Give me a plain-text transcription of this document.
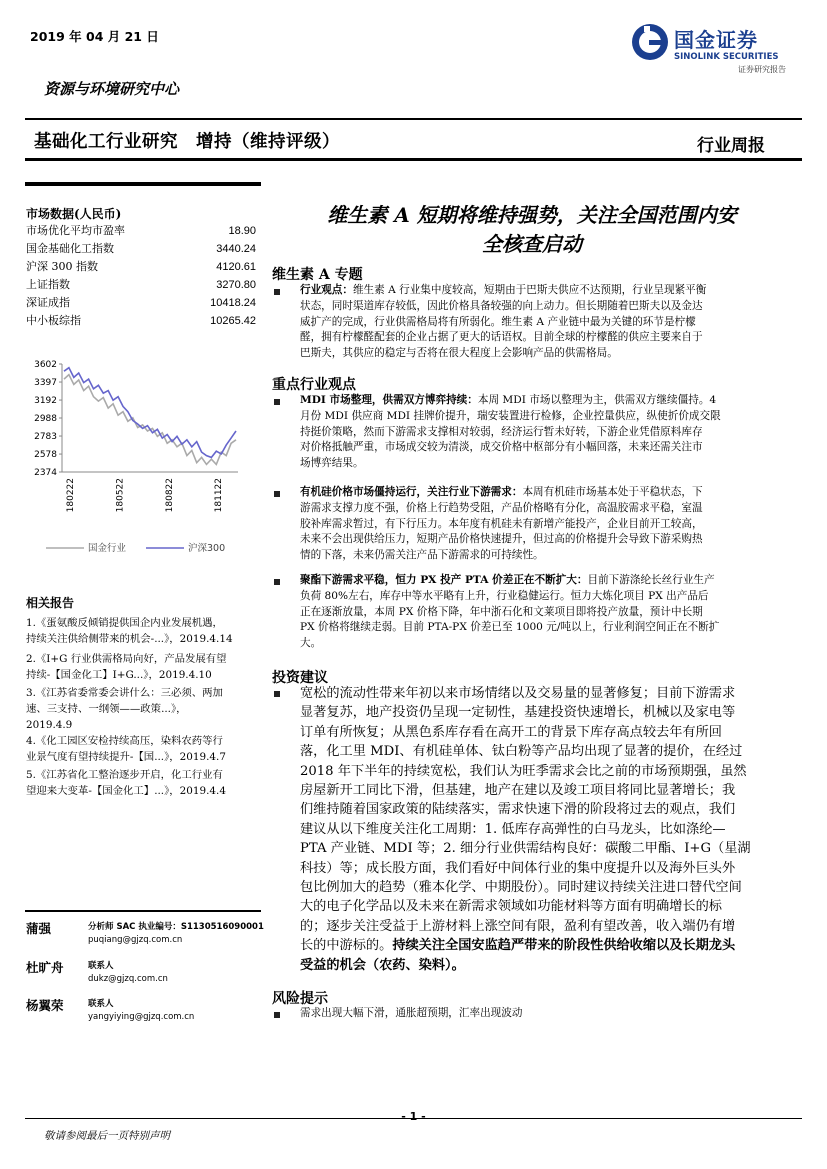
2019 年 04 月 21 日
资源与环境研究中心
基础化工行业研究　增持（维持评级）	行业周报
国金证券
SINOLINK SECURITIES
证券研究报告
市场数据(人民币)
市场优化平均市盈率	18.90
国金基础化工指数	3440.24
沪深 300 指数	4120.61
上证指数	3270.80
深证成指	10418.24
中小板综指	10265.42
3602
3397
3192
2988
2783
2578
2374
180222	180522	180822	181122
国金行业	沪深300
相关报告
1.《蛋氨酸反倾销提供国企内业发展机遇，
持续关注供给侧带来的机会-...》，2019.4.14
2.《I+G 行业供需格局向好，产品发展有望
持续-【国金化工】I+G...》，2019.4.10
3.《江苏省委常委会讲什么：三必须、两加
速、三支持、一纲领——政策...》，
2019.4.9
4.《化工园区安检持续高压，染料农药等行
业景气度有望持续提升-【国...》，2019.4.7
5.《江苏省化工整治逐步开启，化工行业有
望迎来大变革-【国金化工】...》，2019.4.4
蒲强	分析师 SAC 执业编号：S1130516090001
puqiang@gjzq.com.cn
杜旷舟	联系人
dukz@gjzq.com.cn
杨翼荣	联系人
yangyiying@gjzq.com.cn
维生素 A 短期将维持强势，关注全国范围内安
全核查启动
维生素 A 专题
行业观点：维生素 A 行业集中度较高，短期由于巴斯夫供应不达预期，行业呈现紧平衡
状态，同时渠道库存较低，因此价格具备较强的向上动力。但长期随着巴斯夫以及金达
威扩产的完成，行业供需格局将有所弱化。维生素 A 产业链中最为关键的环节是柠檬
醛，拥有柠檬醛配套的企业占据了更大的话语权。目前全球的柠檬醛的供应主要来自于
巴斯夫，其供应的稳定与否将在很大程度上会影响产品的供需格局。
重点行业观点
MDI 市场整理，供需双方博弈持续：本周 MDI 市场以整理为主，供需双方继续僵持。4
月份 MDI 供应商 MDI 挂牌价提升，瑞安装置进行检修，企业控量供应，纵使折价成交限
持挺价策略，然而下游需求支撑相对较弱，经济运行暂未好转，下游企业凭借原料库存
对价格抵触严重，市场成交较为清淡，成交价格中枢部分有小幅回落，未来还需关注市
场博弈结果。
有机硅价格市场僵持运行，关注行业下游需求：本周有机硅市场基本处于平稳状态，下
游需求支撑力度不强，价格上行趋势受阻，产品价格略有分化，高温胶需求平稳，室温
胶补库需求暂过，有下行压力。本年度有机硅未有新增产能投产，企业目前开工较高，
未来不会出现供给压力，短期产品价格快速提升，但过高的价格提升会导致下游采购热
情的下落，未来仍需关注产品下游需求的可持续性。
聚酯下游需求平稳，恒力 PX 投产 PTA 价差正在不断扩大：目前下游涤纶长丝行业生产
负荷 80%左右，库存中等水平略有上升，行业稳健运行。恒力大炼化项目 PX 出产品后
正在逐渐放量，本周 PX 价格下降，年中浙石化和文莱项目即将投产放量，预计中长期
PX 价格将继续走弱。目前 PTA-PX 价差已至 1000 元/吨以上，行业利润空间正在不断扩
大。
投资建议
宽松的流动性带来年初以来市场情绪以及交易量的显著修复；目前下游需求
显著复苏，地产投资仍呈现一定韧性，基建投资快速增长，机械以及家电等
订单有所恢复；从黑色系库存看在高开工的背景下库存高点较去年有所回
落，化工里 MDI、有机硅单体、钛白粉等产品均出现了显著的提价，在经过
2018 年下半年的持续宽松，我们认为旺季需求会比之前的市场预期强，虽然
房屋新开工同比下滑，但基建，地产在建以及竣工项目将同比显著增长；我
们维持随着国家政策的陆续落实，需求快速下滑的阶段将过去的观点，我们
建议从以下维度关注化工周期：1. 低库存高弹性的白马龙头，比如涤纶—
PTA 产业链、MDI 等；2. 细分行业供需结构良好：碳酸二甲酯、I+G（星湖
科技）等；成长股方面，我们看好中间体行业的集中度提升以及海外巨头外
包比例加大的趋势（雅本化学、中期股份）。同时建议持续关注进口替代空间
大的电子化学品以及未来在新需求领域如功能材料等方面有明确增长的标
的；逐步关注受益于上游材料上涨空间有限，盈利有望改善，收入端仍有增
长的中游标的。持续关注全国安监趋严带来的阶段性供给收缩以及长期龙头
受益的机会（农药、染料）。
风险提示
需求出现大幅下滑，通胀超预期，汇率出现波动
- 1 -
敬请参阅最后一页特别声明
